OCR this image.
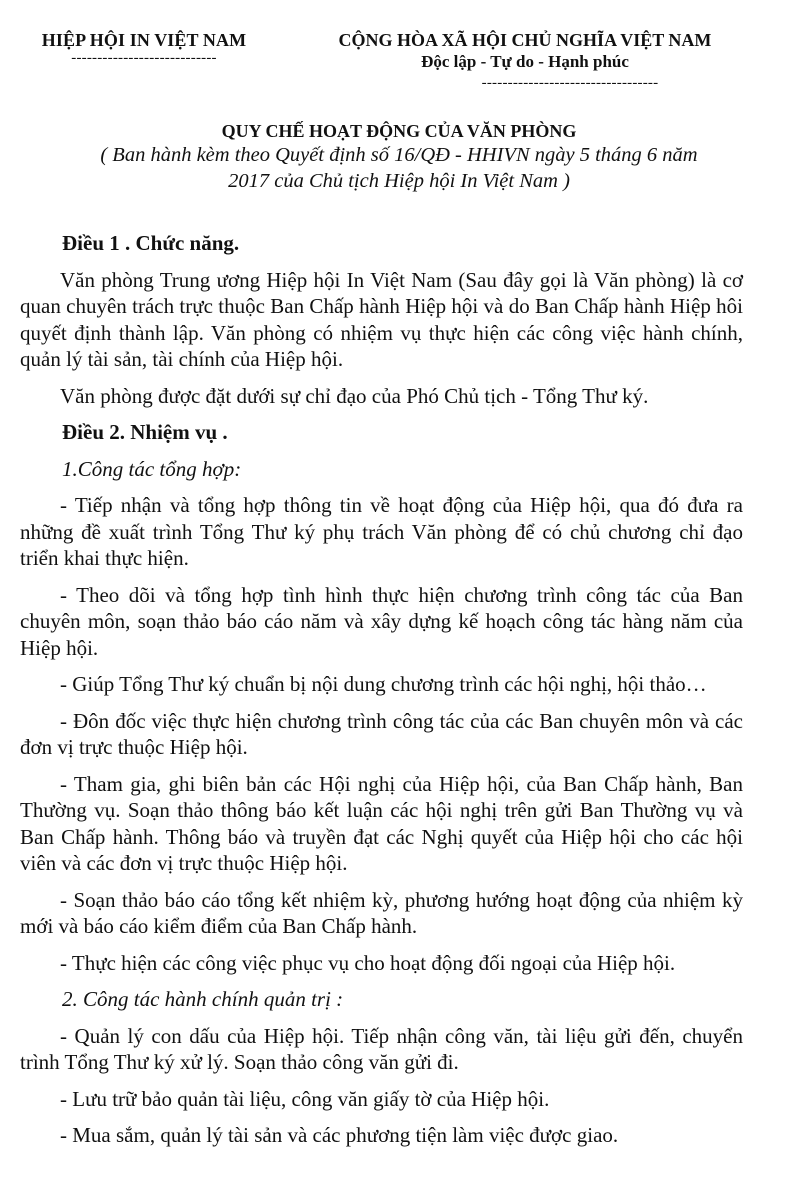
HIỆP HỘI IN VIỆT NAM
----------------------------
CỘNG HÒA XÃ HỘI CHỦ NGHĨA VIỆT NAM
Độc lập - Tự do - Hạnh phúc
----------------------------------
QUY CHẾ HOẠT ĐỘNG CỦA VĂN PHÒNG
( Ban hành kèm theo Quyết định số 16/QĐ - HHIVN ngày 5 tháng 6 năm 2017 của Chủ tịch Hiệp hội In Việt Nam )

Điều 1 . Chức năng.

Văn phòng Trung ương Hiệp hội In Việt Nam (Sau đây gọi là Văn phòng) là cơ quan chuyên trách trực thuộc Ban Chấp hành Hiệp hội và do Ban Chấp hành Hiệp hôi quyết định thành lập. Văn phòng có nhiệm vụ thực hiện các công việc hành chính, quản lý tài sản, tài chính của Hiệp hội.

Văn phòng được đặt dưới sự chỉ đạo của Phó Chủ tịch - Tổng Thư ký.

Điều 2. Nhiệm vụ .

1.Công tác tổng hợp:

- Tiếp nhận và tổng hợp thông tin về hoạt động của Hiệp hội, qua đó đưa ra những đề xuất trình Tổng Thư ký phụ trách Văn phòng để có chủ chương chỉ đạo triển khai thực hiện.

- Theo dõi và tổng hợp tình hình thực hiện chương trình công tác của Ban chuyên môn, soạn thảo báo cáo năm và xây dựng kế hoạch công tác hàng năm của Hiệp hội.

- Giúp Tổng Thư ký chuẩn bị nội dung chương trình các hội nghị, hội thảo…

- Đôn đốc việc thực hiện chương trình công tác của các Ban chuyên môn và các đơn vị trực thuộc Hiệp hội.

- Tham gia, ghi biên bản các Hội nghị của Hiệp hội, của Ban Chấp hành, Ban Thường vụ. Soạn thảo thông báo kết luận các hội nghị trên gửi Ban Thường vụ và Ban Chấp hành. Thông báo và truyền đạt các Nghị quyết của Hiệp hội cho các hội viên và các đơn vị trực thuộc Hiệp hội.

- Soạn thảo báo cáo tổng kết nhiệm kỳ, phương hướng hoạt động của nhiệm kỳ mới và báo cáo kiểm điểm của Ban Chấp hành.

- Thực hiện các công việc phục vụ cho hoạt động đối ngoại của Hiệp hội.

2. Công tác hành chính quản trị :

- Quản lý con dấu của Hiệp hội. Tiếp nhận công văn, tài liệu gửi đến, chuyển trình Tổng Thư ký xử lý. Soạn thảo công văn gửi đi.

- Lưu trữ bảo quản tài liệu, công văn giấy tờ của Hiệp hội.

- Mua sắm, quản lý tài sản và các phương tiện làm việc được giao.
